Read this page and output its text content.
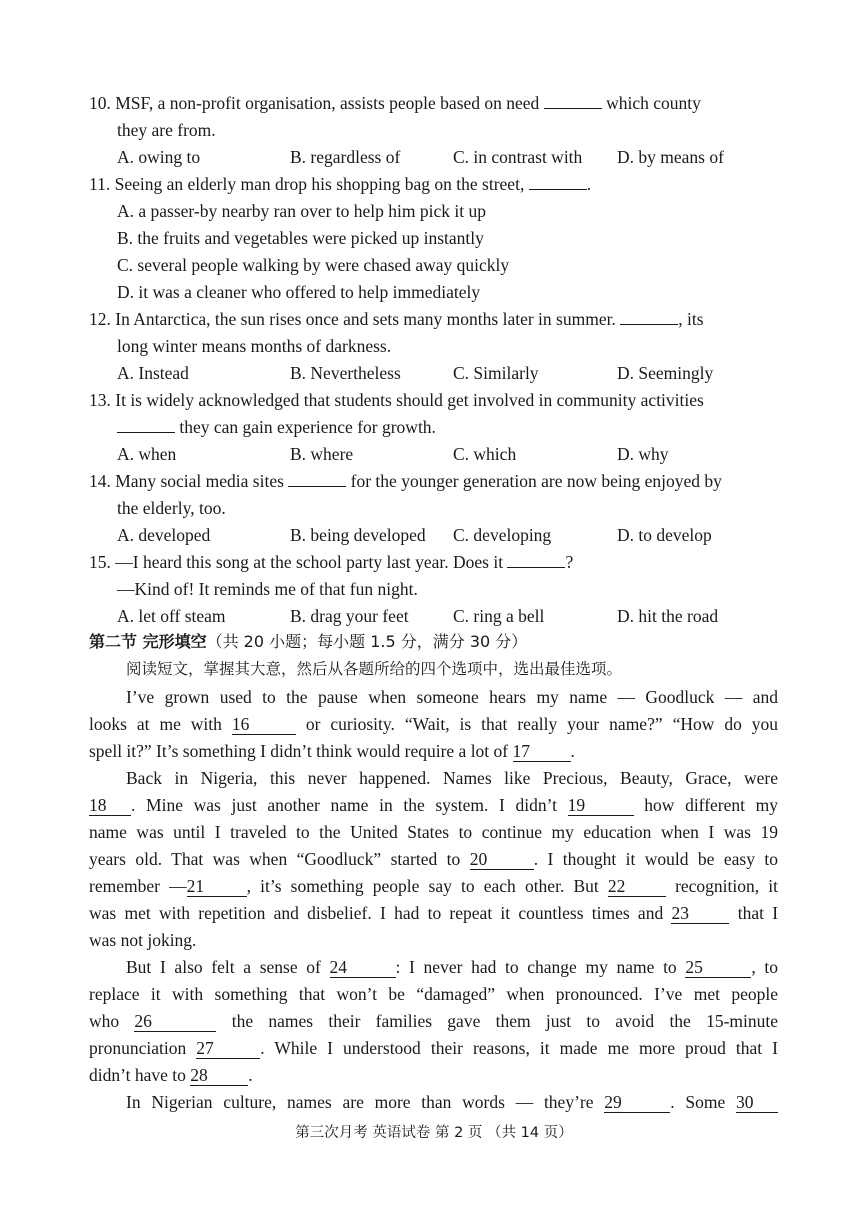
10. MSF, a non-profit organisation, assists people based on need	which county
they are from.
A. owing to	B. regardless of	C. in contrast with D. by means of
11. Seeing an elderly man drop his shopping bag on the street,	.
A. a passer-by nearby ran over to help him pick it up
B. the fruits and vegetables were picked up instantly
C. several people walking by were chased away quickly
D. it was a cleaner who offered to help immediately
12. In Antarctica, the sun rises once and sets many months later in summer.	, its
long winter means months of darkness.
A. Instead	B. Nevertheless	C. Similarly	D. Seemingly
13. It is widely acknowledged that students should get involved in community activities
they can gain experience for growth.
A. when	B. where	C. which	D. why
14. Many social media sites	for the younger generation are now being enjoyed by
the elderly, too.
A. developed	B. being developed C. developing	D. to develop
15. —I heard this song at the school party last year. Does it	?
—Kind of! It reminds me of that fun night.
A. let off steam	B. drag your feet	C. ring a bell	D. hit the road
第二节 完形填空（共 20 小题；每小题 1.5 分，满分 30 分）
阅读短文，掌握其大意，然后从各题所给的四个选项中，选出最佳选项。
I’ve grown used to the pause when someone hears my name — Goodluck — and
looks at me with 16	or curiosity. “Wait, is that really your name?” “How do you
spell it?” It’s something I didn’t think would require a lot of 17 .
Back in Nigeria, this never happened. Names like Precious, Beauty, Grace, were
18 . Mine was just another name in the system. I didn’t 19	how different my
name was until I traveled to the United States to continue my education when I was 19
years old. That was when “Goodluck” started to 20	. I thought it would be easy to
remember —21 , it’s something people say to each other. But 22	recognition, it
was met with repetition and disbelief. I had to repeat it countless times and 23	that I
was not joking.
But I also felt a sense of 24	: I never had to change my name to 25	, to
replace it with something that won’t be “damaged” when pronounced. I’ve met people
who 26	the names their families gave them just to avoid the 15-minute
pronunciation 27	. While I understood their reasons, it made me more proud that I
didn’t have to 28 .
In Nigerian culture, names are more than words — they’re 29	. Some 30
第三次月考 英语试卷 第 2 页 （共 14 页）
